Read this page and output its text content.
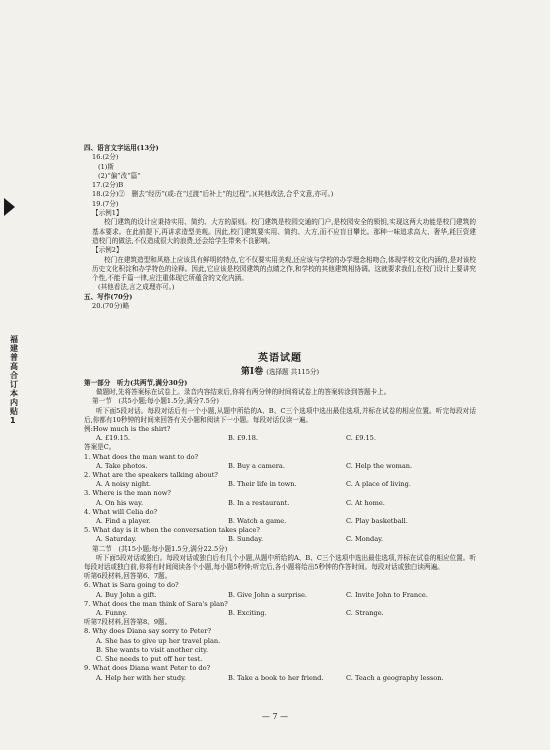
福建普高合订本内贴1
四、语言文字运用(13分)
16.(2分)
(1)斯
(2)“偏”改“篇”
17.(2分)B
18.(2分)②　删去“经历”(或:在“过渡”后补上“的过程”。)(其他改法,合乎文意,亦可。)
19.(7分)
【示例1】
校门建筑的设计应秉持实用、简约、大方的原则。校门建筑是校园交通的门户,是校园安全的锁钥,实现这两大功能是校门建筑的基本要求。在此前提下,再讲求造型美观。因此,校门建筑要实用、简约、大方,而不应盲目攀比。那种一味追求高大、奢华,耗巨资建造校门的做法,不仅造成很大的浪费,还会给学生带来不良影响。
【示例2】
校门在建筑造型和风格上应该具有鲜明的特点,它不仅要实用美观,还应该与学校的办学理念相吻合,体现学校文化内涵的,是对该校历史文化积淀和办学特色的诠释。因此,它应该是校园建筑的点睛之作,和学校的其他建筑相协调。这就要求我们,在校门设计上要讲究个性,不能千篇一律,应注重体现它所蕴含的文化内涵。
(其他看法,言之成理亦可。)
五、写作(70分)
20.(70分)略
英语试题
第Ⅰ卷 (选择题 共115分)
第一部分　听力(共两节,满分30分)
做题时,先将答案标在试卷上。录音内容结束后,你将有两分钟的时间将试卷上的答案转涂到答题卡上。
第一节　(共5小题;每小题1.5分,满分7.5分)
听下面5段对话。每段对话后有一个小题,从题中所给的A、B、C三个选项中选出最佳选项,并标在试卷的相应位置。听完每段对话后,你都有10秒钟的时间来回答有关小题和阅读下一小题。每段对话仅读一遍。
例:How much is the shirt?
A. £19.15.	B. £9.18.	C. £9.15.
答案是C。
1. What does the man want to do?
A. Take photos.	B. Buy a camera.	C. Help the woman.
2. What are the speakers talking about?
A. A noisy night.	B. Their life in town.	C. A place of living.
3. Where is the man now?
A. On his way.	B. In a restaurant.	C. At home.
4. What will Celia do?
A. Find a player.	B. Watch a game.	C. Play basketball.
5. What day is it when the conversation takes place?
A. Saturday.	B. Sunday.	C. Monday.
第二节　(共15小题;每小题1.5分,满分22.5分)
听下面5段对话或独白。每段对话或独白后有几个小题,从题中所给的A、B、C三个选项中选出最佳选项,并标在试卷的相应位置。听每段对话或独白前,你将有时间阅读各个小题,每小题5秒钟;听完后,各小题将给出5秒钟的作答时间。每段对话或独白读两遍。
听第6段材料,回答第6、7题。
6. What is Sara going to do?
A. Buy John a gift.	B. Give John a surprise.	C. Invite John to France.
7. What does the man think of Sara's plan?
A. Funny.	B. Exciting.	C. Strange.
听第7段材料,回答第8、9题。
8. Why does Diana say sorry to Peter?
A. She has to give up her travel plan.
B. She wants to visit another city.
C. She needs to put off her test.
9. What does Diana want Peter to do?
A. Help her with her study.	B. Take a book to her friend.	C. Teach a geography lesson.
— 7 —
